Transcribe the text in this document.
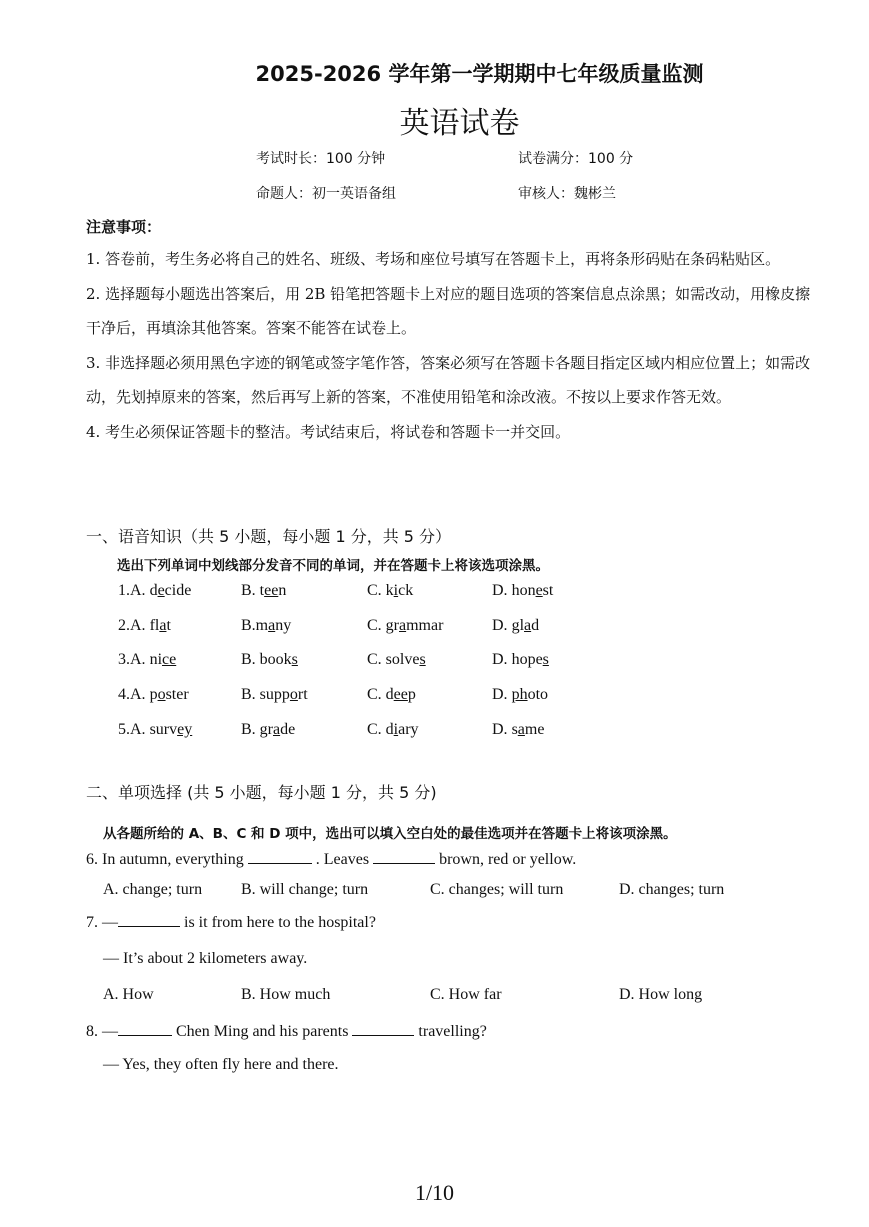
2025-2026 学年第一学期期中七年级质量监测
英语试卷
考试时长：100 分钟	试卷满分：100 分
命题人：初一英语备组	审核人：魏彬兰
注意事项：

1. 答卷前，考生务必将自己的姓名、班级、考场和座位号填写在答题卡上，再将条形码贴在条码粘贴区。

2. 选择题每小题选出答案后，用 2B 铅笔把答题卡上对应的题目选项的答案信息点涂黑；如需改动，用橡皮擦干净后，再填涂其他答案。答案不能答在试卷上。

3. 非选择题必须用黑色字迹的钢笔或签字笔作答，答案必须写在答题卡各题目指定区域内相应位置上；如需改动，先划掉原来的答案，然后再写上新的答案，不准使用铅笔和涂改液。不按以上要求作答无效。

4. 考生必须保证答题卡的整洁。考试结束后，将试卷和答题卡一并交回。

一、语音知识（共 5 小题，每小题 1 分，共 5 分）
选出下列单词中划线部分发音不同的单词，并在答题卡上将该选项涂黑。
1.A. decide	B. teen	C. kick	D. honest
2.A. flat	B.many	C. grammar	D. glad
3.A. nice	B. books	C. solves	D. hopes
4.A. poster	B. support	C. deep	D. photo
5.A. survey	B. grade	C. diary	D. same
二、单项选择 (共 5 小题，每小题 1 分，共 5 分)
从各题所给的 A、B、C 和 D 项中，选出可以填入空白处的最佳选项并在答题卡上将该项涂黑。
6. In autumn, everything	. Leaves	brown, red or yellow.
A. change; turn B. will change; turn	C. changes; will turn	D. changes; turn
7. —	is it from here to the hospital?
— It’s about 2 kilometers away.
A. How	B. How much	C. How far	D. How long
8. —	Chen Ming and his parents	travelling?
— Yes, they often fly here and there.
1/10
